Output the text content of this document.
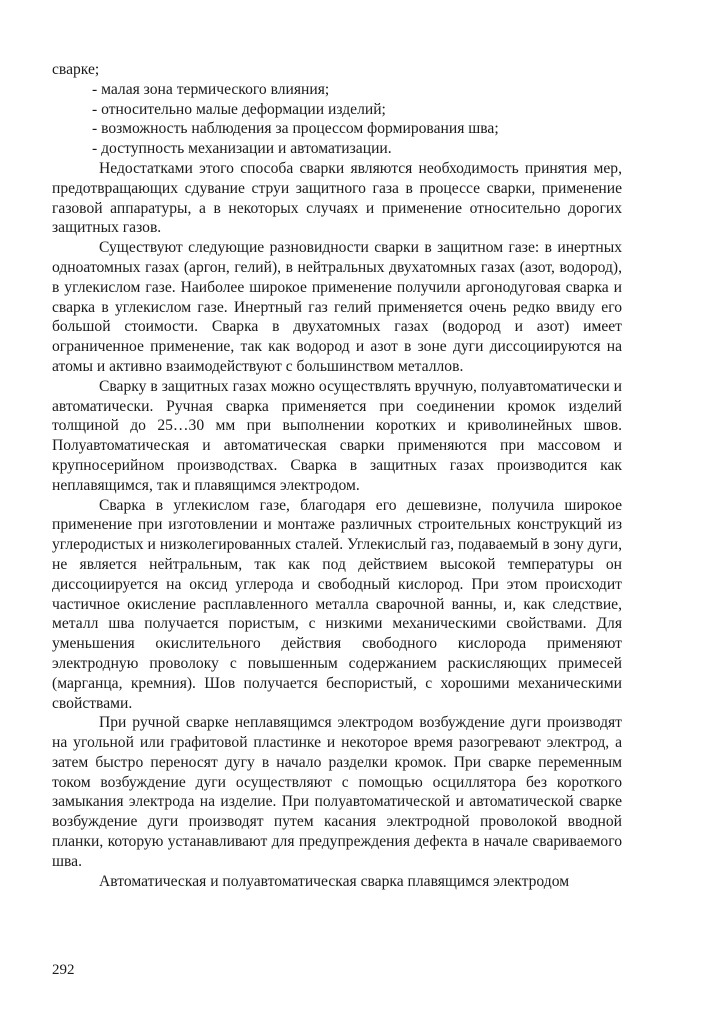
сварке;

- малая зона термического влияния;
- относительно малые деформации изделий;
- возможность наблюдения за процессом формирования шва;
- доступность механизации и автоматизации.

Недостатками этого способа сварки являются необходимость принятия мер, предотвращающих сдувание струи защитного газа в процессе сварки, применение газовой аппаратуры, а в некоторых случаях и применение относительно дорогих защитных газов.

Существуют следующие разновидности сварки в защитном газе: в инертных одноатомных газах (аргон, гелий), в нейтральных двухатомных газах (азот, водород), в углекислом газе. Наиболее широкое применение получили аргонодуговая сварка и сварка в углекислом газе. Инертный газ гелий применяется очень редко ввиду его большой стоимости. Сварка в двухатомных газах (водород и азот) имеет ограниченное применение, так как водород и азот в зоне дуги диссоциируются на атомы и активно взаимодействуют с большинством металлов.

Сварку в защитных газах можно осуществлять вручную, полуавтоматически и автоматически. Ручная сварка применяется при соединении кромок изделий толщиной до 25…30 мм при выполнении коротких и криволинейных швов. Полуавтоматическая и автоматическая сварки применяются при массовом и крупносерийном производствах. Сварка в защитных газах производится как неплавящимся, так и плавящимся электродом.

Сварка в углекислом газе, благодаря его дешевизне, получила широкое применение при изготовлении и монтаже различных строительных конструкций из углеродистых и низколегированных сталей. Углекислый газ, подаваемый в зону дуги, не является нейтральным, так как под действием высокой температуры он диссоциируется на оксид углерода и свободный кислород. При этом происходит частичное окисление расплавленного металла сварочной ванны, и, как следствие, металл шва получается пористым, с низкими механическими свойствами. Для уменьшения окислительного действия свободного кислорода применяют электродную проволоку с повышенным содержанием раскисляющих примесей (марганца, кремния). Шов получается беспористый, с хорошими механическими свойствами.

При ручной сварке неплавящимся электродом возбуждение дуги производят на угольной или графитовой пластинке и некоторое время разогревают электрод, а затем быстро переносят дугу в начало разделки кромок. При сварке переменным током возбуждение дуги осуществляют с помощью осциллятора без короткого замыкания электрода на изделие. При полуавтоматической и автоматической сварке возбуждение дуги производят путем касания электродной проволокой вводной планки, которую устанавливают для предупреждения дефекта в начале свариваемого шва.

Автоматическая и полуавтоматическая сварка плавящимся электродом

292
